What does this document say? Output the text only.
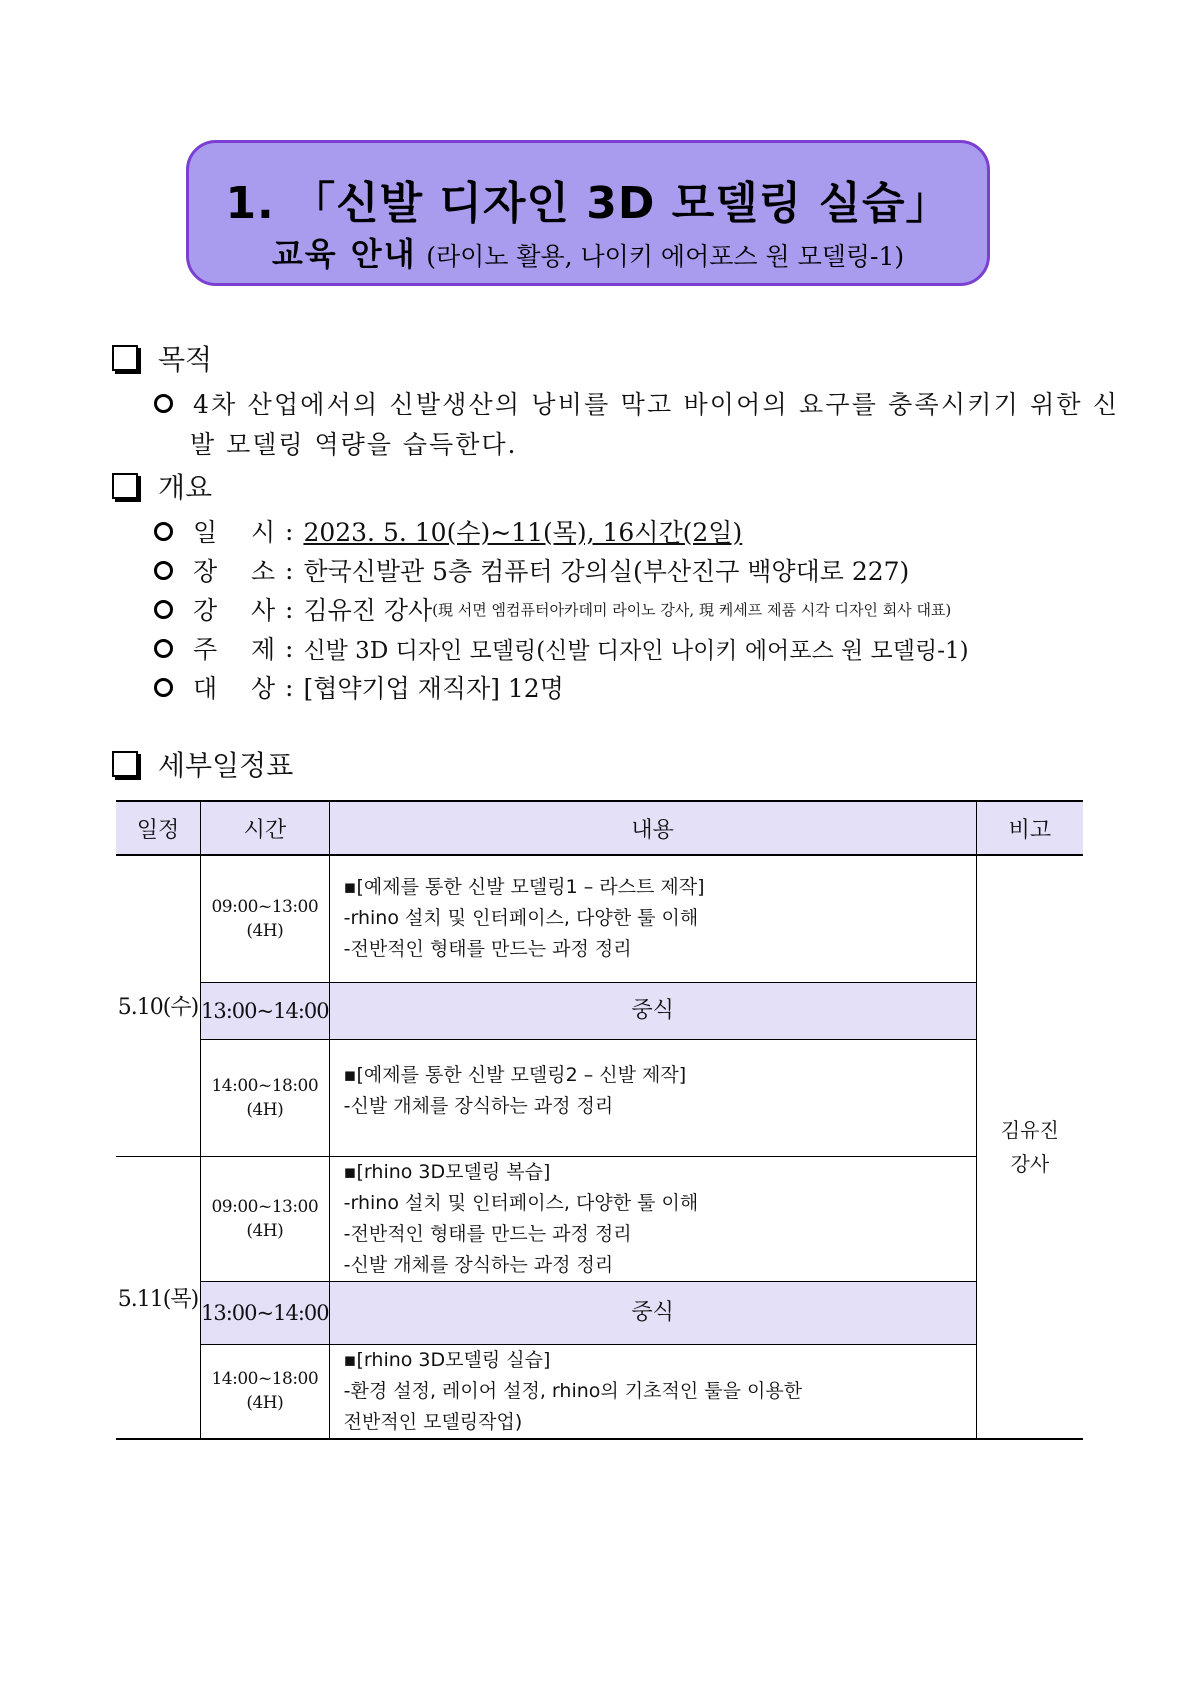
1. 「신발 디자인 3D 모델링 실습」
교육 안내 (라이노 활용, 나이키 에어포스 원 모델링-1)
목적
4차 산업에서의 신발생산의 낭비를 막고 바이어의 요구를 충족시키기 위한 신
발 모델링 역량을 습득한다.
개요
일  시 : 2023. 5. 10(수)~11(목), 16시간(2일)
장  소 : 한국신발관 5층 컴퓨터 강의실(부산진구 백양대로 227)
강  사 : 김유진 강사 (現 서면 엠컴퓨터아카데미 라이노 강사, 現 케세프 제품 시각 디자인 회사 대표)
주  제 : 신발 3D 디자인 모델링(신발 디자인 나이키 에어포스 원 모델링-1)
대  상 : [협약기업 재직자] 12명
세부일정표
일정	시간	내용	비고
5.10(수)	09:00~13:00
(4H)	▪[예제를 통한 신발 모델링1 – 라스트 제작]
-rhino 설치 및 인터페이스, 다양한 툴 이해
-전반적인 형태를 만드는 과정 정리	김유진
강사

	13:00~14:00	중식	

	14:00~18:00
(4H)	▪[예제를 통한 신발 모델링2 – 신발 제작]
-신발 개체를 장식하는 과정 정리	

5.11(목)	09:00~13:00
(4H)	▪[rhino 3D모델링 복습]
-rhino 설치 및 인터페이스, 다양한 툴 이해
-전반적인 형태를 만드는 과정 정리
-신발 개체를 장식하는 과정 정리	

	13:00~14:00	중식	

	14:00~18:00
(4H)	▪[rhino 3D모델링 실습]
-환경 설정, 레이어 설정, rhino의 기초적인 툴을 이용한
전반적인 모델링작업)	
